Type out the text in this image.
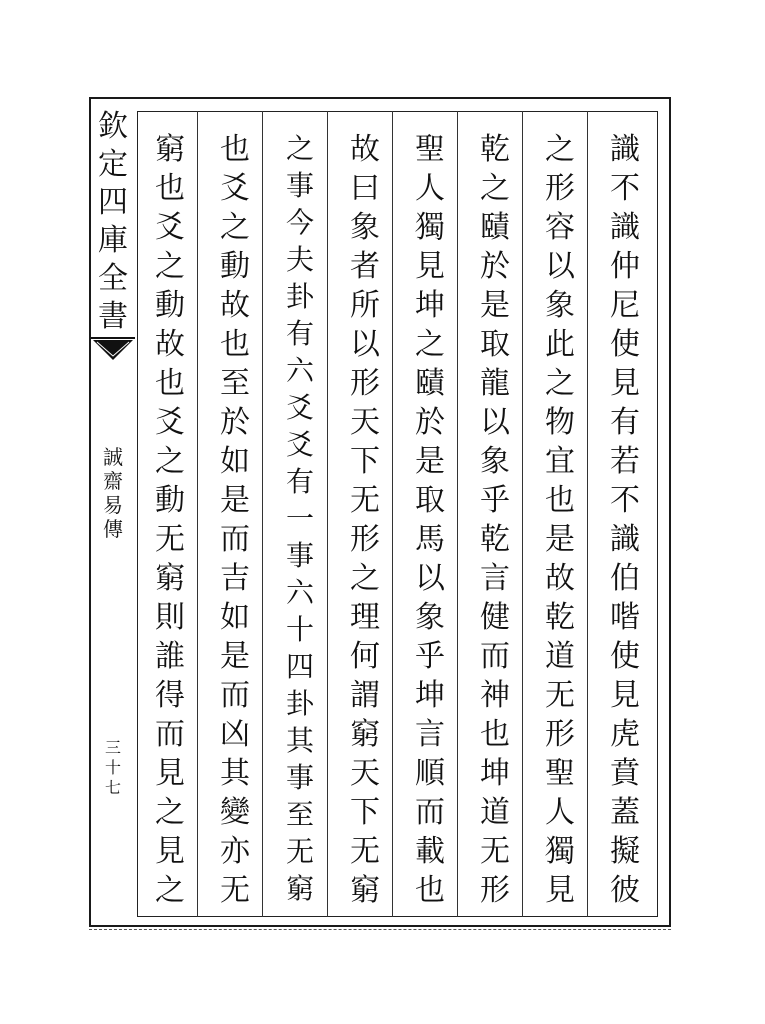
欽
定
四
庫
全
書
誠
齋
易
傳
三
十
七
識
不
識
仲
尼
使
見
有
若
不
識
伯
喈
使
見
虎
賁
蓋
擬
彼
之
形
容
以
象
此
之
物
宜
也
是
故
乾
道
无
形
聖
人
獨
見
乾
之
賾
於
是
取
龍
以
象
乎
乾
言
健
而
神
也
坤
道
无
形
聖
人
獨
見
坤
之
賾
於
是
取
馬
以
象
乎
坤
言
順
而
載
也
故
曰
象
者
所
以
形
天
下
无
形
之
理
何
謂
窮
天
下
无
窮
之
事
今
夫
卦
有
六
爻
爻
有
一
事
六
十
四
卦
其
事
至
无
窮
也
爻
之
動
故
也
至
於
如
是
而
吉
如
是
而
凶
其
變
亦
无
窮
也
爻
之
動
故
也
爻
之
動
无
窮
則
誰
得
而
見
之
見
之
